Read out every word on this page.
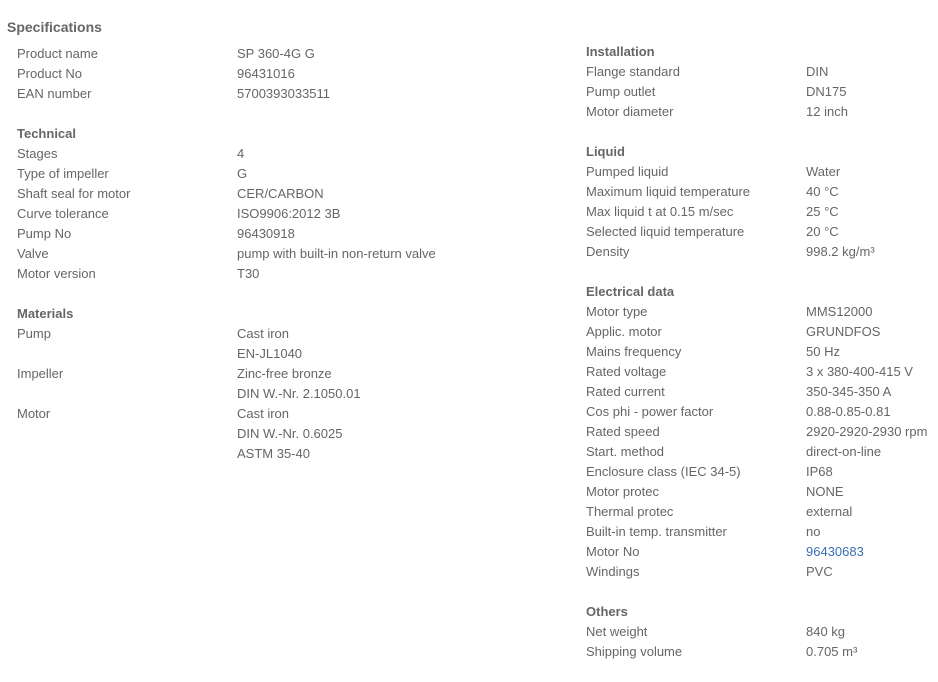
Specifications
Product name	SP 360-4G G
Product No	96431016
EAN number	5700393033511
Technical
Stages	4
Type of impeller	G
Shaft seal for motor	CER/CARBON
Curve tolerance	ISO9906:2012 3B
Pump No	96430918
Valve	pump with built-in non-return valve
Motor version	T30
Materials
Pump	Cast iron
EN-JL1040
Impeller	Zinc-free bronze
DIN W.-Nr. 2.1050.01
Motor	Cast iron
DIN W.-Nr. 0.6025
ASTM 35-40
Installation
Flange standard	DIN
Pump outlet	DN175
Motor diameter	12 inch
Liquid
Pumped liquid	Water
Maximum liquid temperature	40 °C
Max liquid t at 0.15 m/sec	25 °C
Selected liquid temperature	20 °C
Density	998.2 kg/m³
Electrical data
Motor type	MMS12000
Applic. motor	GRUNDFOS
Mains frequency	50 Hz
Rated voltage	3 x 380-400-415 V
Rated current	350-345-350 A
Cos phi - power factor	0.88-0.85-0.81
Rated speed	2920-2920-2930 rpm
Start. method	direct-on-line
Enclosure class (IEC 34-5)	IP68
Motor protec	NONE
Thermal protec	external
Built-in temp. transmitter	no
Motor No	96430683
Windings	PVC
Others
Net weight	840 kg
Shipping volume	0.705 m³
